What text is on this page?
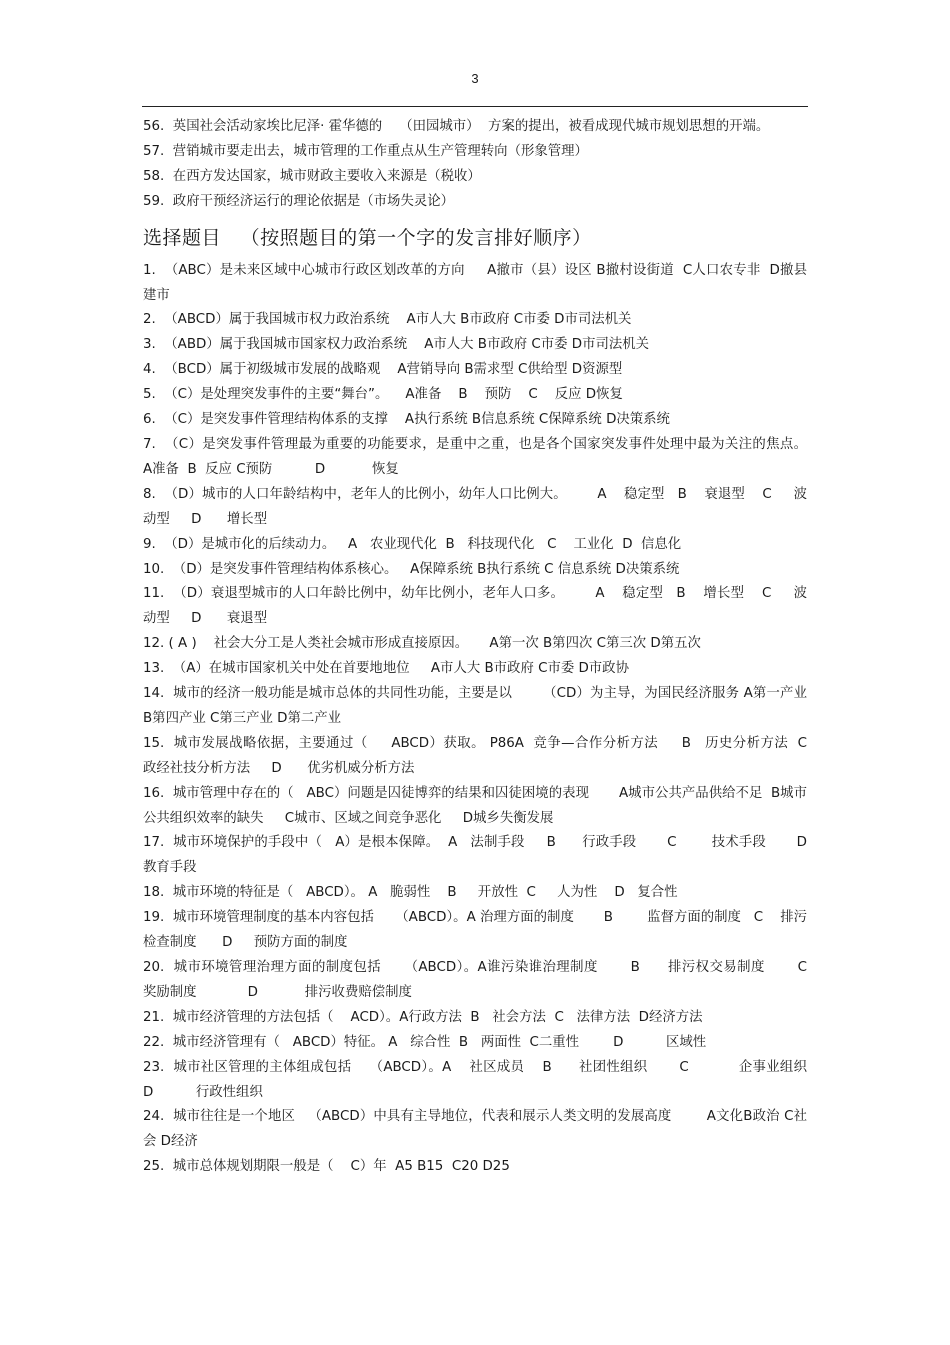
3

56.  英国社会活动家埃比尼泽· 霍华德的    （田园城市）  方案的提出，被看成现代城市规划思想的开端。

57.  营销城市要走出去，城市管理的工作重点从生产管理转向（形象管理）

58.  在西方发达国家，城市财政主要收入来源是（税收）

59.  政府干预经济运行的理论依据是（市场失灵论）

选择题目   （按照题目的第一个字的发言排好顺序）

1.  （ABC）是未来区域中心城市行政区划改革的方向     A撤市（县）设区 B撤村设街道  C人口农专非  D撤县建市

2.  （ABCD）属于我国城市权力政治系统    A市人大 B市政府 C市委 D市司法机关

3.  （ABD）属于我国城市国家权力政治系统    A市人大 B市政府 C市委 D市司法机关

4.  （BCD）属于初级城市发展的战略观    A营销导向 B需求型 C供给型 D资源型

5.  （C）是处理突发事件的主要“舞台”。    A准备    B    预防    C    反应 D恢复

6.  （C）是突发事件管理结构体系的支撑    A执行系统 B信息系统 C保障系统 D决策系统

7.  （C）是突发事件管理最为重要的功能要求，是重中之重，也是各个国家突发事件处理中最为关注的焦点。  A准备  B  反应 C预防          D           恢复

8.  （D）城市的人口年龄结构中，老年人的比例小，幼年人口比例大。       A    稳定型   B    衰退型    C     波动型     D      增长型

9.  （D）是城市化的后续动力。   A   农业现代化  B   科技现代化   C    工业化  D  信息化

10.  （D）是突发事件管理结构体系核心。   A保障系统 B执行系统 C 信息系统 D决策系统

11.  （D）衰退型城市的人口年龄比例中，幼年比例小，老年人口多。       A    稳定型   B    增长型    C     波动型     D      衰退型

12. ( A )    社会大分工是人类社会城市形成直接原因。     A第一次 B第四次 C第三次 D第五次

13.  （A）在城市国家机关中处在首要地地位     A市人大 B市政府 C市委 D市政协

14.  城市的经济一般功能是城市总体的共同性功能，主要是以       （CD）为主导，为国民经济服务 A第一产业 B第四产业 C第三产业 D第二产业

15.  城市发展战略依据，主要通过（     ABCD）获取。 P86A  竞争—合作分析方法     B   历史分析方法  C   政经社技分析方法     D      优劣机威分析方法

16.  城市管理中存在的（   ABC）问题是囚徒博弈的结果和囚徒困境的表现       A城市公共产品供给不足  B城市公共组织效率的缺失     C城市、区域之间竞争恶化     D城乡失衡发展

17.  城市环境保护的手段中（   A）是根本保障。  A   法制手段     B      行政手段       C        技术手段       D       教育手段

18.  城市环境的特征是（   ABCD）。 A   脆弱性    B     开放性  C     人为性    D   复合性

19.  城市环境管理制度的基本内容包括     （ABCD）。A 治理方面的制度       B        监督方面的制度   C    排污检查制度      D     预防方面的制度

20.  城市环境管理治理方面的制度包括     （ABCD）。A谁污染谁治理制度       B      排污权交易制度       C        奖励制度            D           排污收费赔偿制度

21.  城市经济管理的方法包括（    ACD）。A行政方法  B   社会方法  C   法律方法  D经济方法

22.  城市经济管理有（   ABCD）特征。 A   综合性  B   两面性  C二重性        D          区域性

23.  城市社区管理的主体组成包括    （ABCD）。A    社区成员    B      社团性组织       C           企事业组织        D          行政性组织

24.  城市往往是一个地区   （ABCD）中具有主导地位，代表和展示人类文明的发展高度        A文化B政治 C社会 D经济

25.  城市总体规划期限一般是（    C）年  A5 B15  C20 D25
